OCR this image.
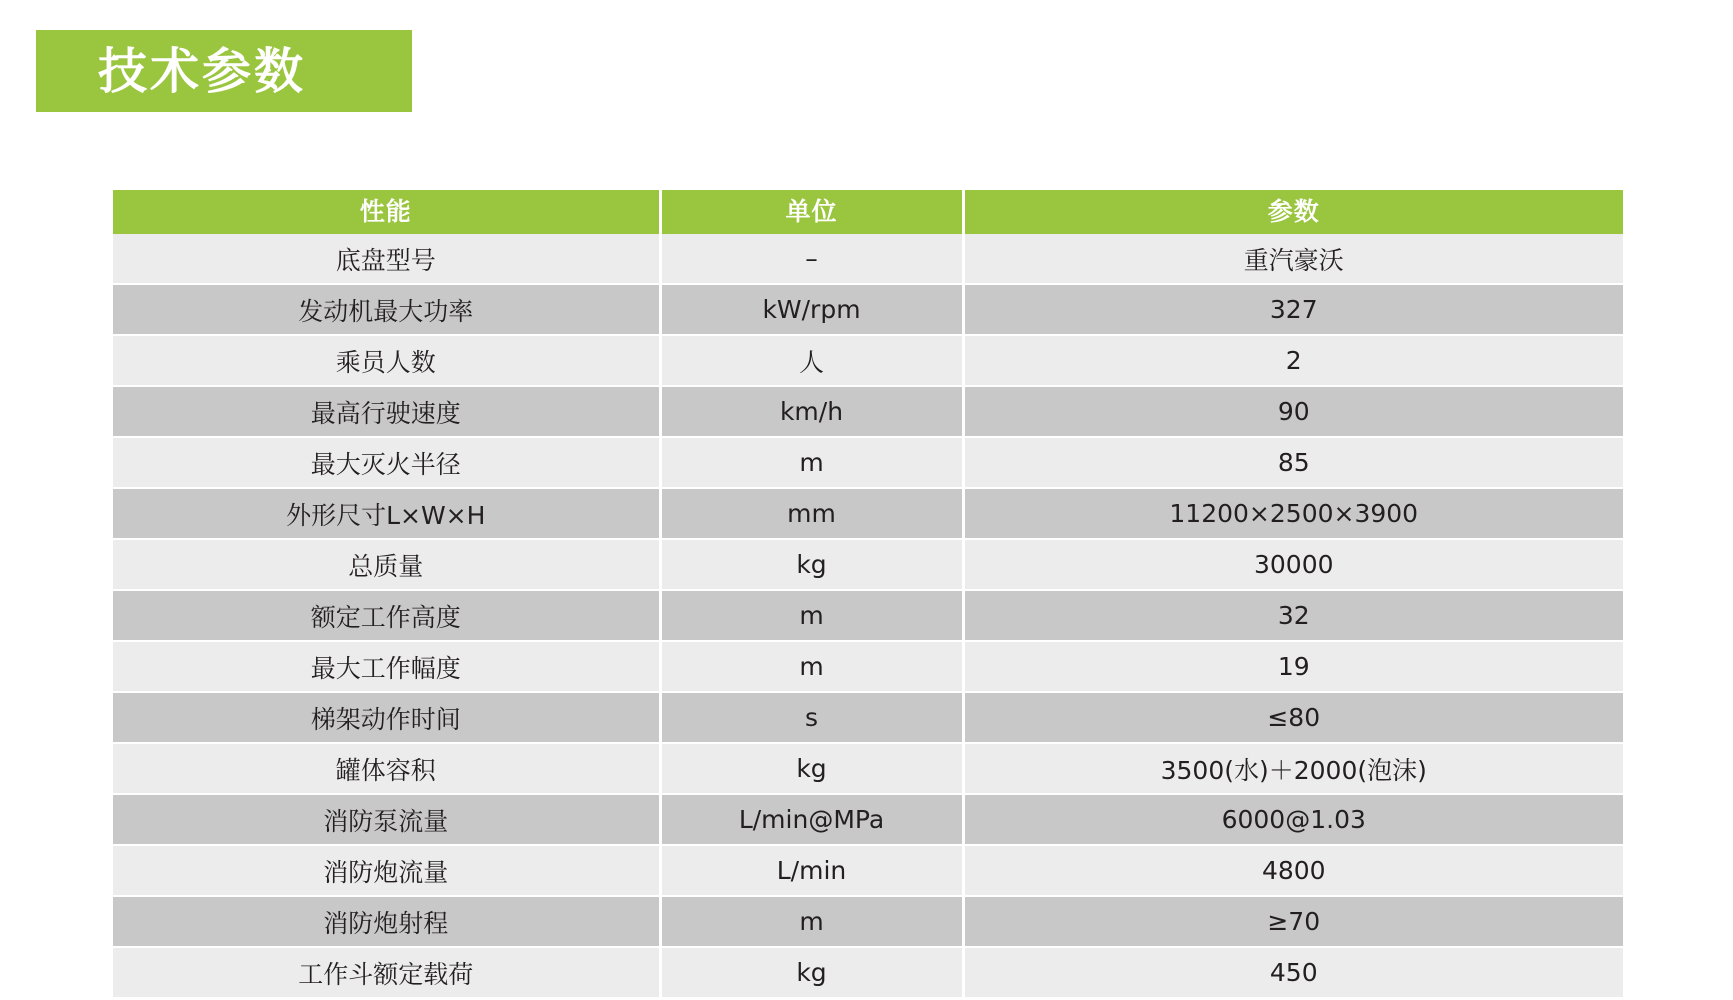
技术参数
性能	单位	参数
底盘型号	–	重汽豪沃
发动机最大功率	kW/rpm	327
乘员人数	人	2
最高行驶速度	km/h	90
最大灭火半径	m	85
外形尺寸L×W×H	mm	11200×2500×3900
总质量	kg	30000
额定工作高度	m	32
最大工作幅度	m	19
梯架动作时间	s	≤80
罐体容积	kg	3500(水)＋2000(泡沫)
消防泵流量	L/min@MPa	6000@1.03
消防炮流量	L/min	4800
消防炮射程	m	≥70
工作斗额定载荷	kg	450
